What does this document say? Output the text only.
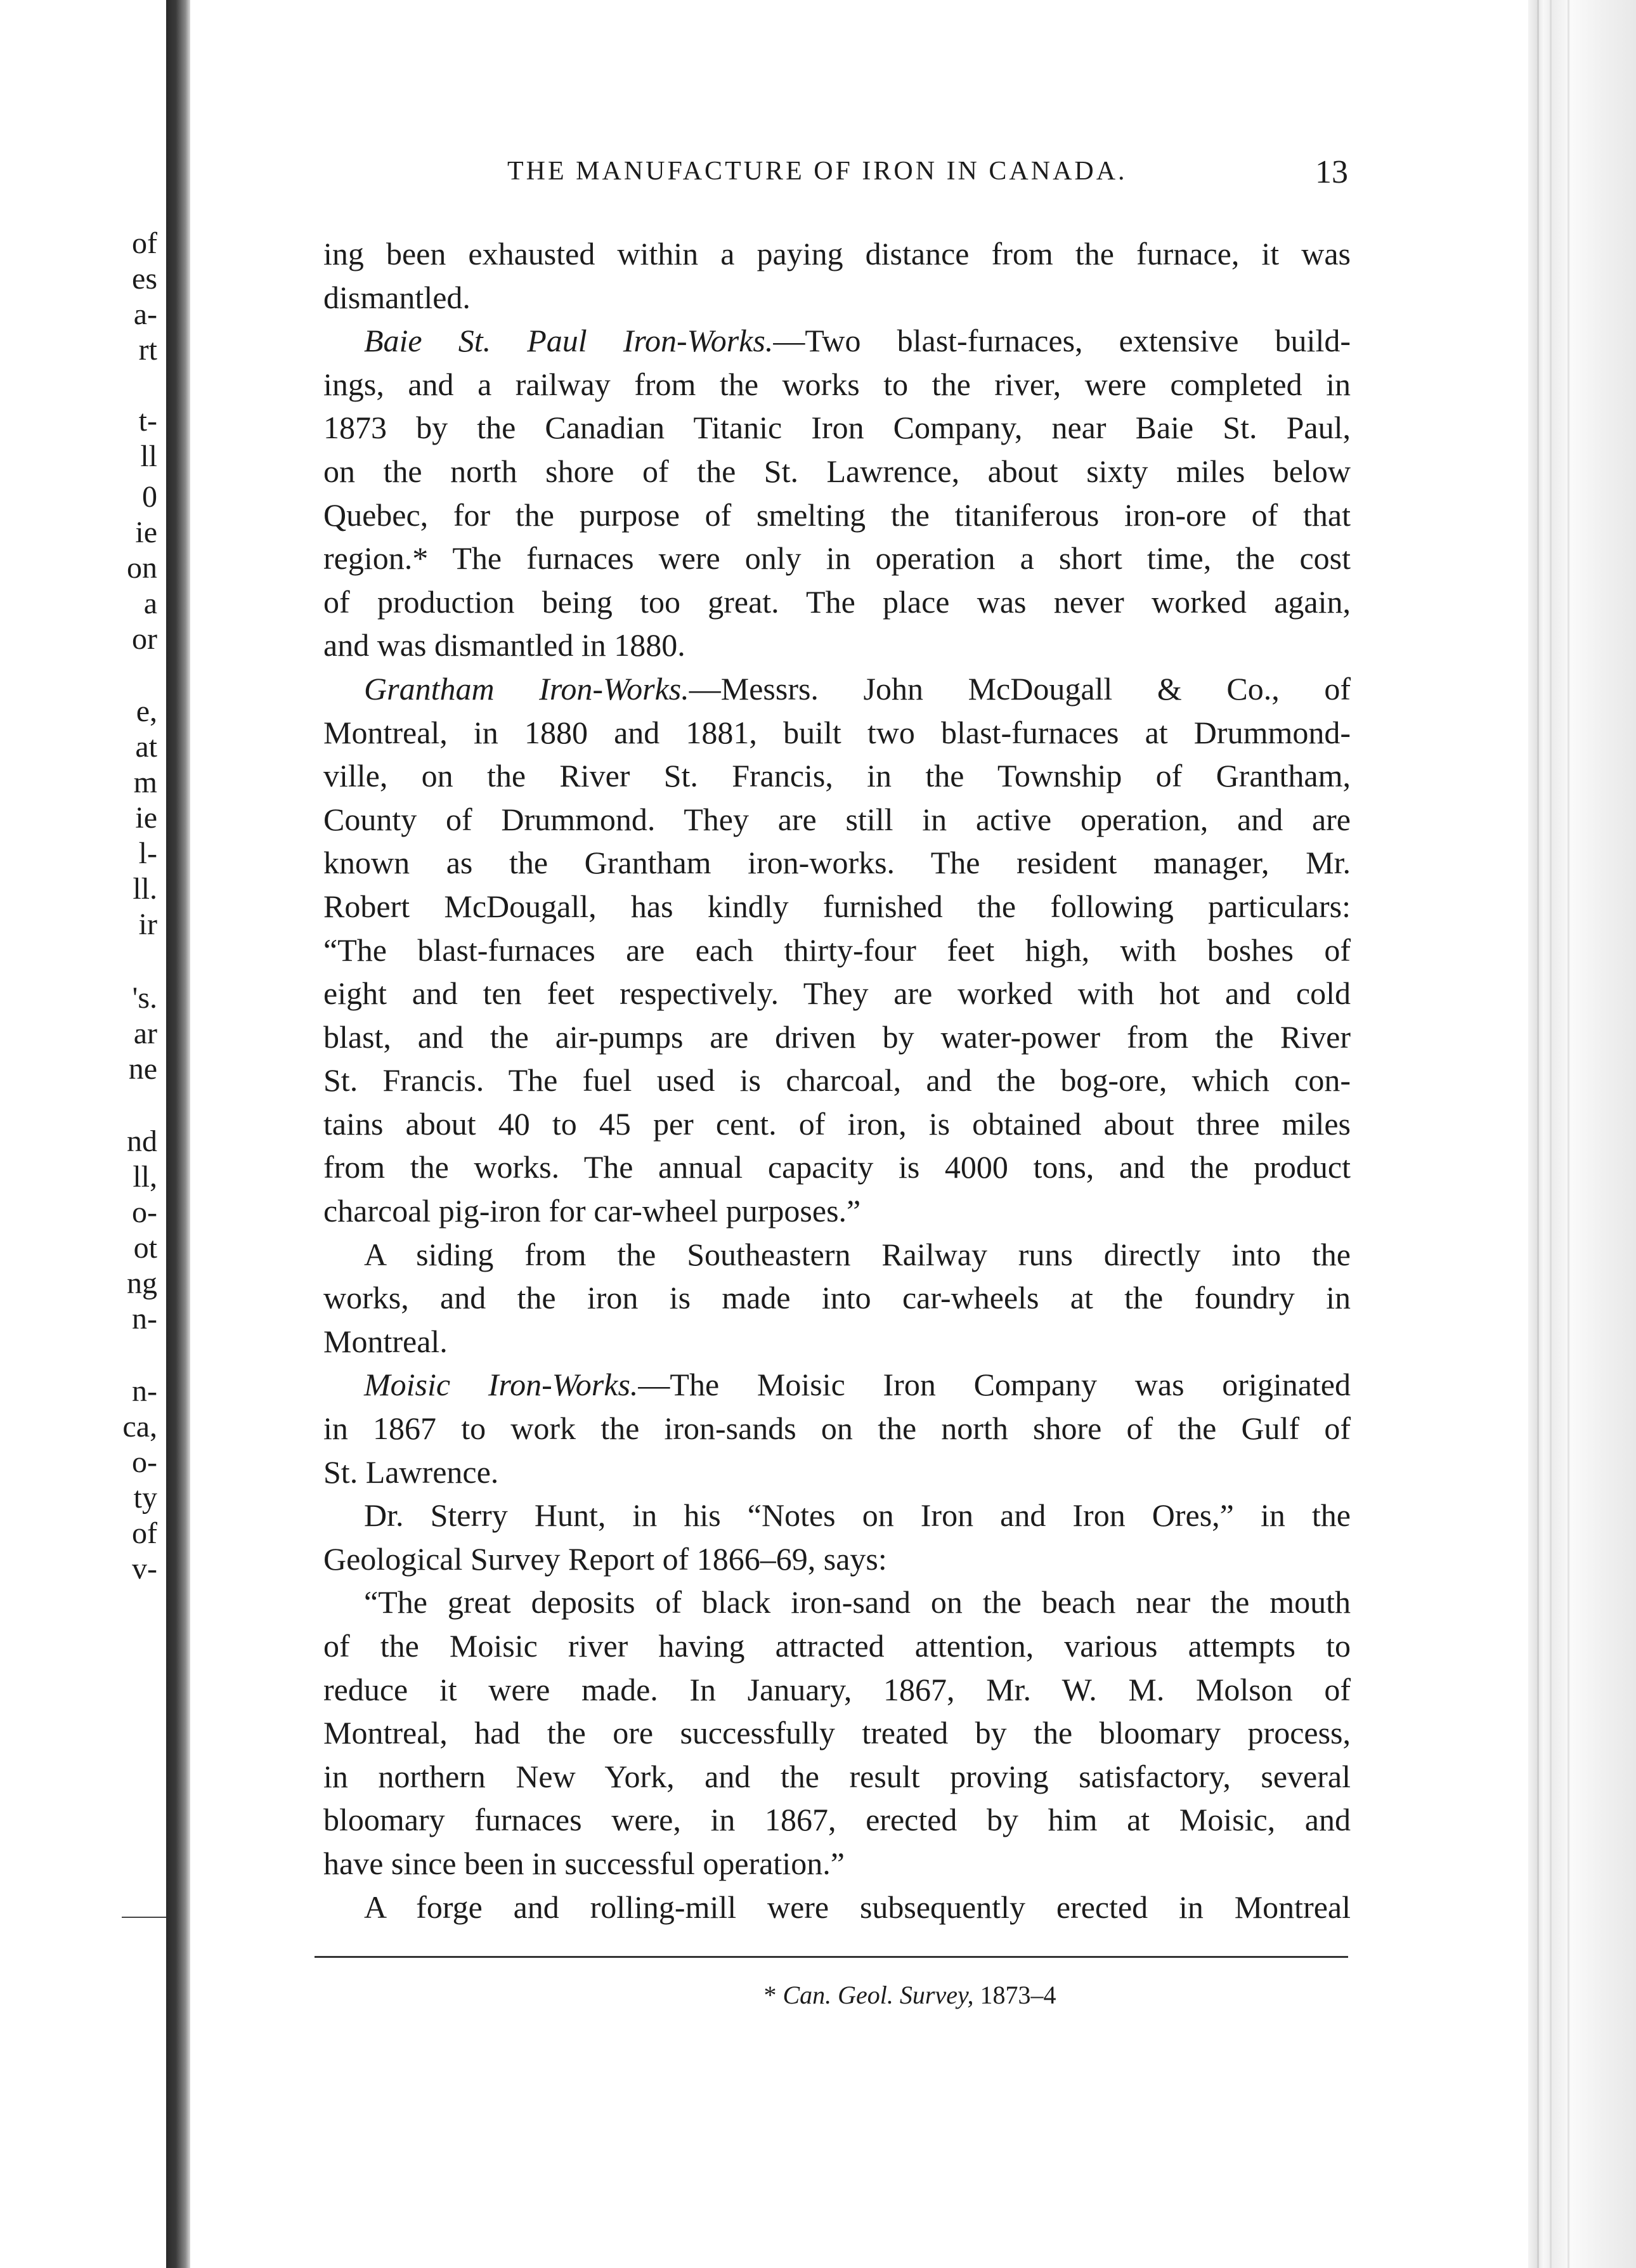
of
es
a-
rt
t-
ll
0
ie
on
a
or
e,
at
m
ie
l-
ll.
ir
's.
ar
ne
nd
ll,
o-
ot
ng
n-
n-
ca,
o-
ty
of
v-
THE MANUFACTURE OF IRON IN CANADA.	13
ing been exhausted within a paying distance from the furnace, it was
dismantled.
Baie St. Paul Iron-Works.—Two blast-furnaces, extensive build-
ings, and a railway from the works to the river, were completed in
1873 by the Canadian Titanic Iron Company, near Baie St. Paul,
on the north shore of the St. Lawrence, about sixty miles below
Quebec, for the purpose of smelting the titaniferous iron-ore of that
region.* The furnaces were only in operation a short time, the cost
of production being too great. The place was never worked again,
and was dismantled in 1880.
Grantham Iron-Works.—Messrs. John McDougall & Co., of
Montreal, in 1880 and 1881, built two blast-furnaces at Drummond-
ville, on the River St. Francis, in the Township of Grantham,
County of Drummond. They are still in active operation, and are
known as the Grantham iron-works. The resident manager, Mr.
Robert McDougall, has kindly furnished the following particulars:
“The blast-furnaces are each thirty-four feet high, with boshes of
eight and ten feet respectively. They are worked with hot and cold
blast, and the air-pumps are driven by water-power from the River
St. Francis. The fuel used is charcoal, and the bog-ore, which con-
tains about 40 to 45 per cent. of iron, is obtained about three miles
from the works. The annual capacity is 4000 tons, and the product
charcoal pig-iron for car-wheel purposes.”
A siding from the Southeastern Railway runs directly into the
works, and the iron is made into car-wheels at the foundry in
Montreal.
Moisic Iron-Works.—The Moisic Iron Company was originated
in 1867 to work the iron-sands on the north shore of the Gulf of
St. Lawrence.
Dr. Sterry Hunt, in his “Notes on Iron and Iron Ores,” in the
Geological Survey Report of 1866–69, says:
“The great deposits of black iron-sand on the beach near the mouth
of the Moisic river having attracted attention, various attempts to
reduce it were made. In January, 1867, Mr. W. M. Molson of
Montreal, had the ore successfully treated by the bloomary process,
in northern New York, and the result proving satisfactory, several
bloomary furnaces were, in 1867, erected by him at Moisic, and
have since been in successful operation.”
A forge and rolling-mill were subsequently erected in Montreal
* Can. Geol. Survey, 1873–4
